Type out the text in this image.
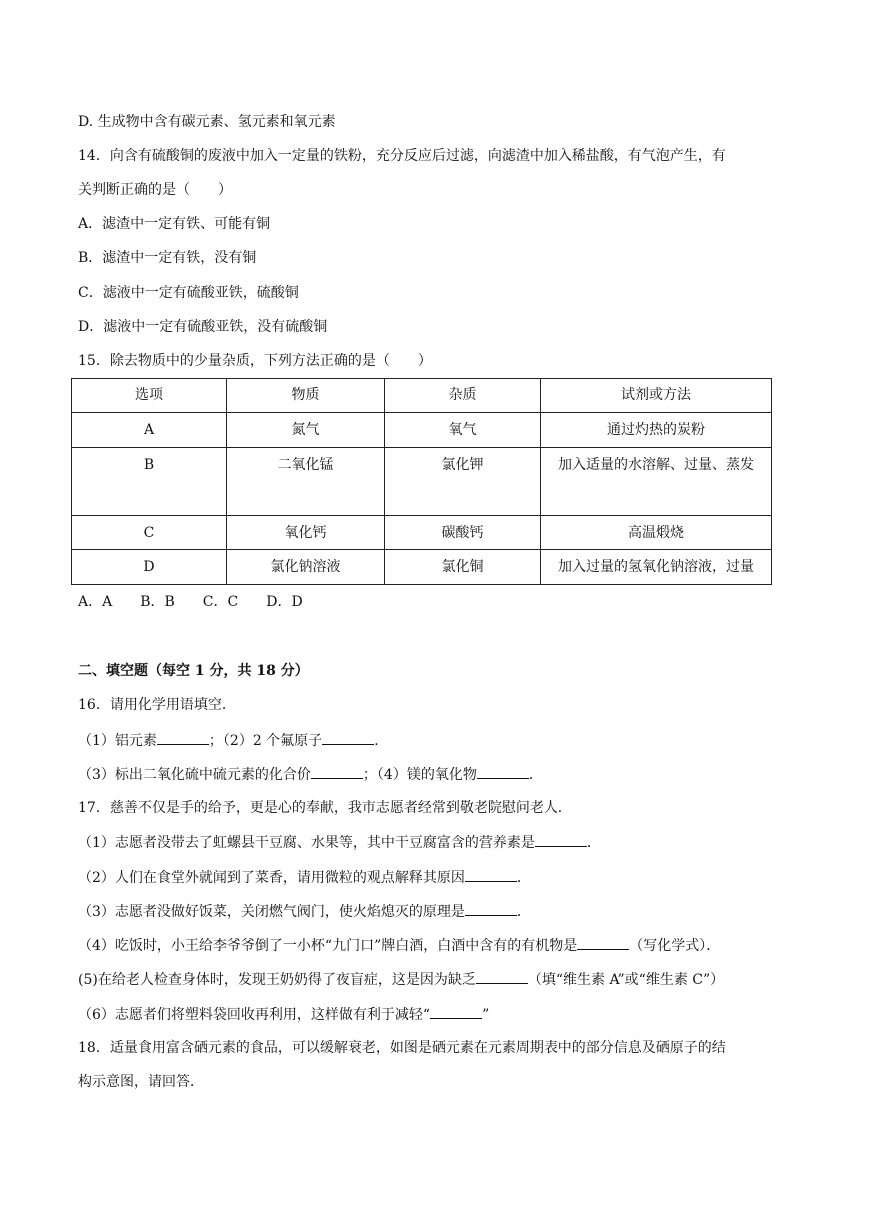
D. 生成物中含有碳元素、氢元素和氧元素
14．向含有硫酸铜的废液中加入一定量的铁粉，充分反应后过滤，向滤渣中加入稀盐酸，有气泡产生，有
关判断正确的是（　　）
A．滤渣中一定有铁、可能有铜
B．滤渣中一定有铁，没有铜
C．滤液中一定有硫酸亚铁，硫酸铜
D．滤液中一定有硫酸亚铁，没有硫酸铜
15．除去物质中的少量杂质，下列方法正确的是（　　）
选项	物质	杂质	试剂或方法
A	氮气	氧气	通过灼热的炭粉
B	二氧化锰	氯化钾	加入适量的水溶解、过量、蒸发
C	氧化钙	碳酸钙	高温煅烧
D	氯化钠溶液	氯化铜	加入过量的氢氧化钠溶液，过量
A．A　　B．B　　C．C　　D．D
二、填空题（每空 1 分，共 18 分）
16．请用化学用语填空．
（1）铝元素	；（2）2 个氟原子	．
（3）标出二氧化硫中硫元素的化合价	；（4）镁的氧化物	．
17．慈善不仅是手的给予，更是心的奉献，我市志愿者经常到敬老院慰问老人．
（1）志愿者没带去了虹螺县干豆腐、水果等，其中干豆腐富含的营养素是	．
（2）人们在食堂外就闻到了菜香，请用微粒的观点解释其原因	．
（3）志愿者没做好饭菜，关闭燃气阀门，使火焰熄灭的原理是	．
（4）吃饭时，小王给李爷爷倒了一小杯“九门口”牌白酒，白酒中含有的有机物是	（写化学式）．
(5)在给老人检查身体时，发现王奶奶得了夜盲症，这是因为缺乏	（填“维生素 A”或“维生素 C”）
（6）志愿者们将塑料袋回收再利用，这样做有利于减轻“	”
18．适量食用富含硒元素的食品，可以缓解衰老，如图是硒元素在元素周期表中的部分信息及硒原子的结
构示意图，请回答．
